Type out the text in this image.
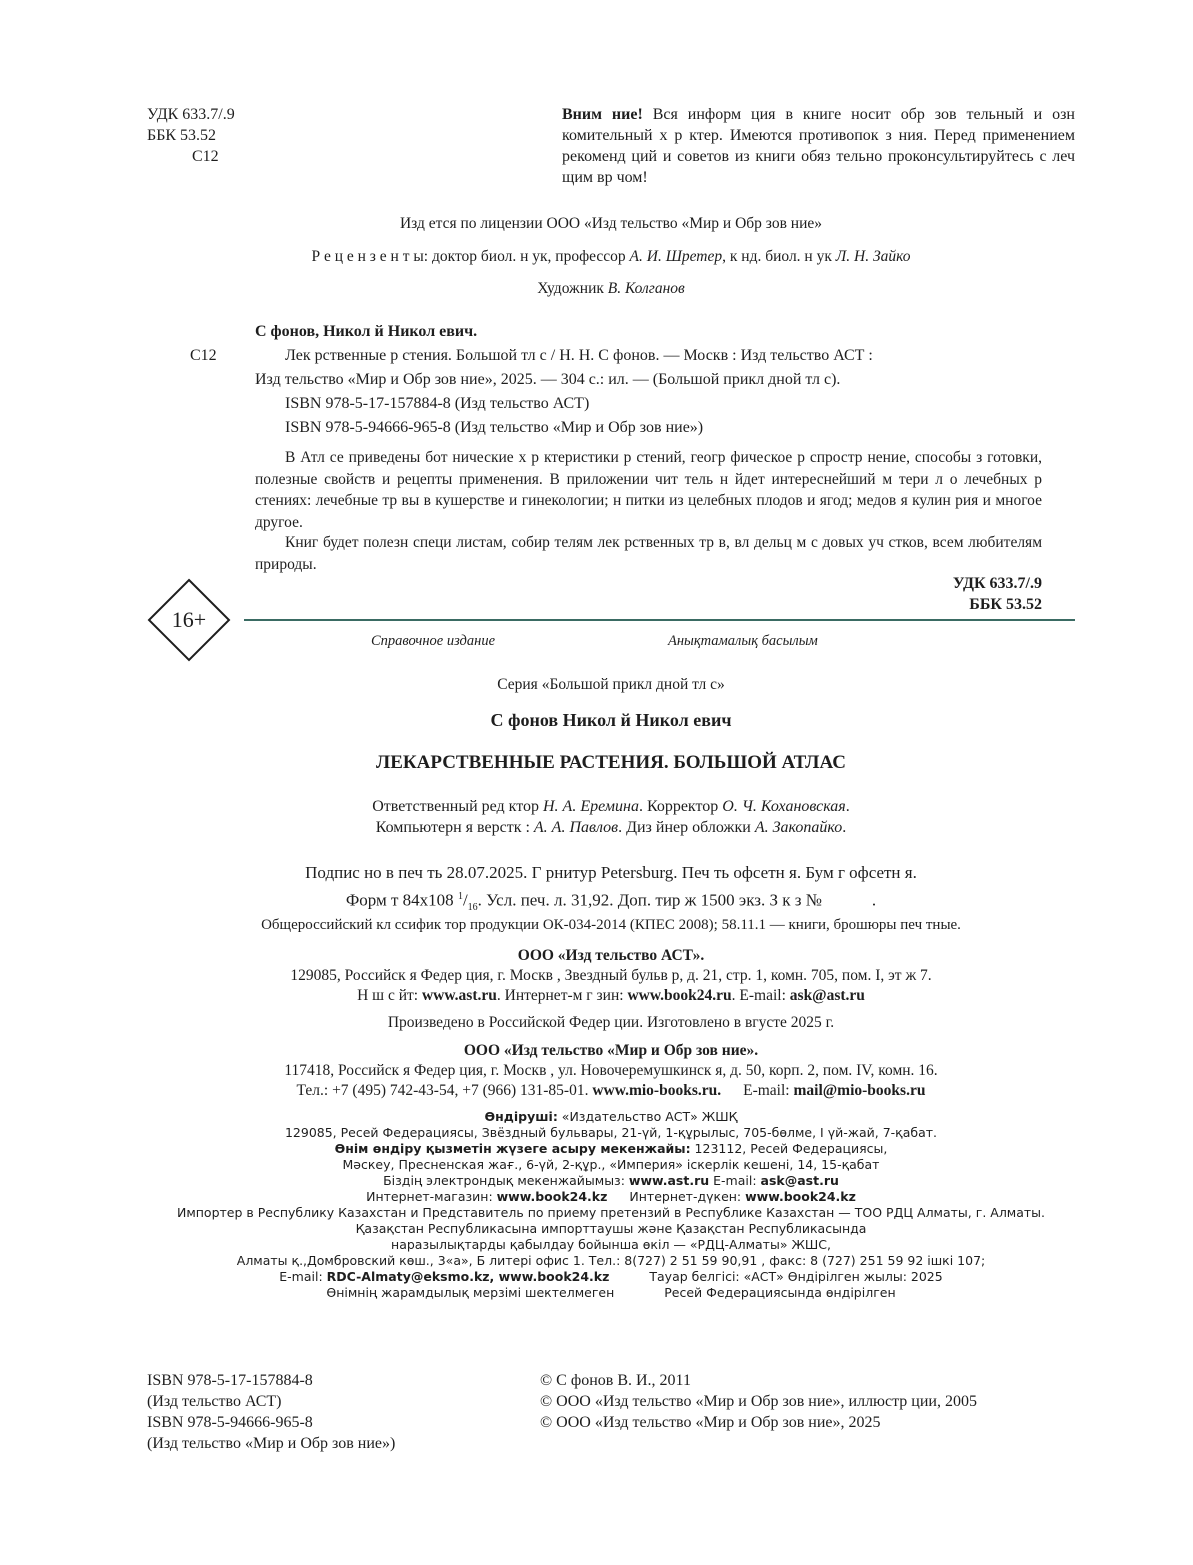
УДК 633.7/.9
ББК 53.52
С12
Вним ние! Вся информ ция в книге носит обр зов тельный и озн комительный х р ктер. Имеются противопок з ния. Перед применением рекоменд ций и советов из книги обяз тельно проконсультируйтесь с леч щим вр чом!
Изд ется по лицензии ООО «Изд тельство «Мир и Обр зов ние»
Р е ц е н з е н т ы: доктор биол. н ук, профессор А. И. Шретер, к нд. биол. н ук Л. Н. Зайко
Художник В. Колганов
С фонов, Никол й Никол евич.
С12	Лек рственные р стения. Большой тл с / Н. Н. С фонов. — Москв : Изд тельство АСТ :
Изд тельство «Мир и Обр зов ние», 2025. — 304 с.: ил. — (Большой прикл дной тл с).
ISBN 978-5-17-157884-8 (Изд тельство АСТ)
ISBN 978-5-94666-965-8 (Изд тельство «Мир и Обр зов ние»)
В Атл се приведены бот нические х р ктеристики р стений, геогр фическое р спростр нение, способы з готовки, полезные свойств и рецепты применения. В приложении чит тель н йдет интереснейший м тери л о лечебных р стениях: лечебные тр вы в кушерстве и гинекологии; н питки из целебных плодов и ягод; медов я кулин рия и многое другое.
Книг будет полезн специ листам, собир телям лек рственных тр в, вл дельц м с довых уч стков, всем любителям природы.
УДК 633.7/.9
ББК 53.52
16+
Справочное издание	Анықтамалық басылым
Серия «Большой прикл дной тл с»
С фонов Никол й Никол евич
ЛЕКАРСТВЕННЫЕ РАСТЕНИЯ. БОЛЬШОЙ АТЛАС
Ответственный ред ктор Н. А. Еремина. Корректор О. Ч. Кохановская.
Компьютерн я верстк : А. А. Павлов. Диз йнер обложки А. Закопайко.
Подпис но в печ ть 28.07.2025. Г рнитур Petersburg. Печ ть офсетн я. Бум г офсетн я.
Форм т 84х108 $^1/_{16}$. Усл. печ. л. 31,92. Доп. тир ж 1500 экз. З к з №	.
Общероссийский кл ссифик тор продукции ОК-034-2014 (КПЕС 2008); 58.11.1 — книги, брошюры печ тные.
ООО «Изд тельство АСТ».
129085, Российск я Федер ция, г. Москв , Звездный бульв р, д. 21, стр. 1, комн. 705, пом. I, эт ж 7.
Н ш с йт: www.ast.ru. Интернет-м г зин: www.book24.ru. E-mail: ask@ast.ru
Произведено в Российской Федер ции. Изготовлено в вгусте 2025 г.
ООО «Изд тельство «Мир и Обр зов ние».
117418, Российск я Федер ция, г. Москв , ул. Новочеремушкинск я, д. 50, корп. 2, пом. IV, комн. 16.
Тел.: +7 (495) 742-43-54, +7 (966) 131-85-01. www.mio-books.ru. E-mail: mail@mio-books.ru
Өндіруші: «Издательство АСТ» ЖШҚ
129085, Ресей Федерациясы, Звёздный бульвары, 21-үй, 1-құрылыс, 705-бөлме, I үй-жай, 7-қабат.
Өнім өндіру қызметін жүзеге асыру мекенжайы: 123112, Ресей Федерациясы,
Мәскеу, Пресненская жағ., 6-үй, 2-құр., «Империя» іскерлік кешені, 14, 15-қабат
Біздің электрондық мекенжайымыз: www.ast.ru E-mail: ask@ast.ru
Интернет-магазин: www.book24.kz Интернет-дүкен: www.book24.kz
Импортер в Республику Казахстан и Представитель по приему претензий в Республике Казахстан — ТОО РДЦ Алматы, г. Алматы.
Қазақстан Республикасына импорттаушы және Қазақстан Республикасында
наразылықтарды қабылдау бойынша өкіл — «РДЦ-Алматы» ЖШС,
Алматы қ.,Домбровский көш., 3«а», Б литері офис 1. Тел.: 8(727) 2 51 59 90,91 , факс: 8 (727) 251 59 92 ішкі 107;
E-mail: RDC-Almaty@eksmo.kz, www.book24.kz	Тауар белгісі: «АСТ» Өндірілген жылы: 2025
Өнімнің жарамдылық мерзімі шектелмеген	Ресей Федерациясында өндірілген
ISBN 978-5-17-157884-8
(Изд тельство АСТ)
ISBN 978-5-94666-965-8
(Изд тельство «Мир и Обр зов ние»)
© С фонов В. И., 2011
© ООО «Изд тельство «Мир и Обр зов ние», иллюстр ции, 2005
© ООО «Изд тельство «Мир и Обр зов ние», 2025
